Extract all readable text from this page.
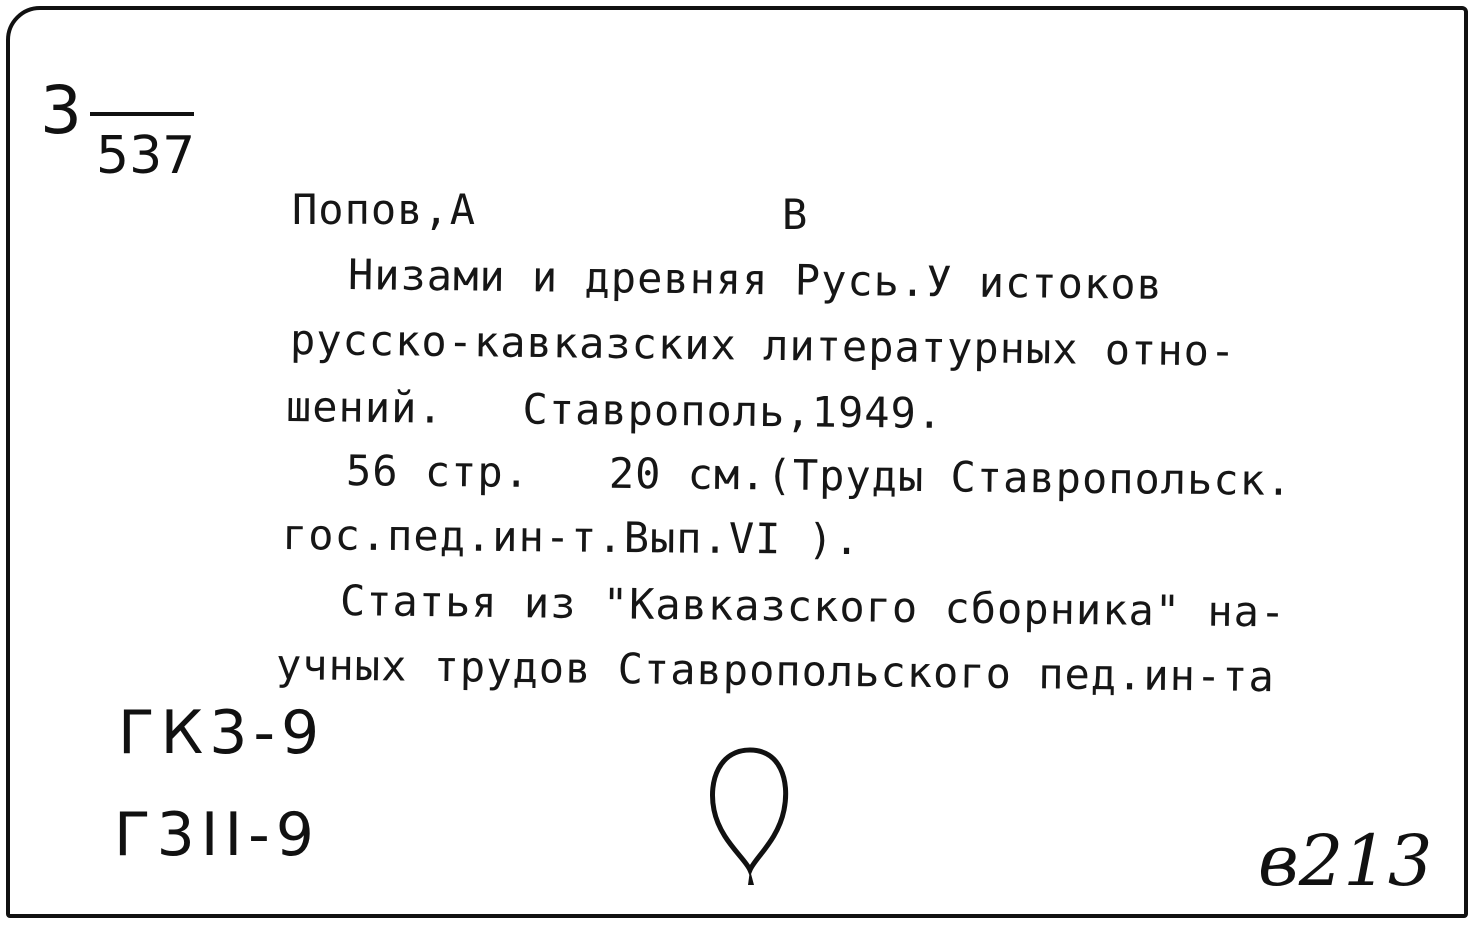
3
537
Попов,А	В
Низами и древняя Русь.У истоков
русско-кавказских литературных отно-
шений.   Ставрополь,1949.
56 стр.   20 см.(Труды Ставропольск.
гос.пед.ин-т.Вып.VI ).
Статья из "Кавказского сборника" на-
учных трудов Ставропольского пед.ин-та
ГК3-9
Г3ІІ-9	в213
